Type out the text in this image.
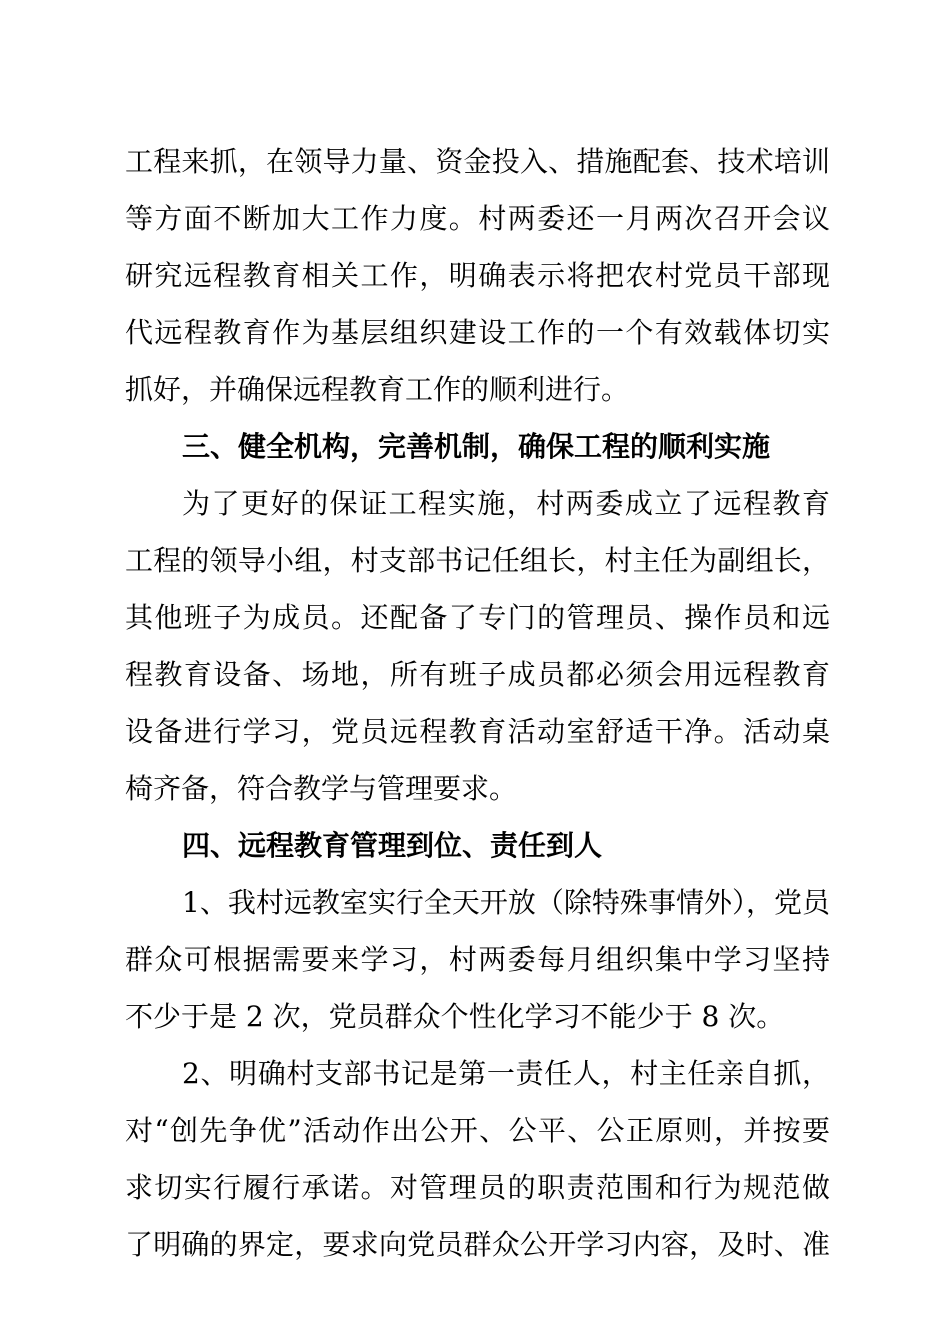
工程来抓，在领导力量、资金投入、措施配套、技术培训
等方面不断加大工作力度。村两委还一月两次召开会议
研究远程教育相关工作，明确表示将把农村党员干部现
代远程教育作为基层组织建设工作的一个有效载体切实
抓好，并确保远程教育工作的顺利进行。
三、健全机构，完善机制，确保工程的顺利实施
为了更好的保证工程实施，村两委成立了远程教育
工程的领导小组，村支部书记任组长，村主任为副组长，
其他班子为成员。还配备了专门的管理员、操作员和远
程教育设备、场地，所有班子成员都必须会用远程教育
设备进行学习，党员远程教育活动室舒适干净。活动桌
椅齐备，符合教学与管理要求。
四、远程教育管理到位、责任到人
1、我村远教室实行全天开放（除特殊事情外），党员
群众可根据需要来学习，村两委每月组织集中学习坚持
不少于是 2 次，党员群众个性化学习不能少于 8 次。
2、明确村支部书记是第一责任人，村主任亲自抓，
对“创先争优”活动作出公开、公平、公正原则，并按要
求切实行履行承诺。对管理员的职责范围和行为规范做
了明确的界定，要求向党员群众公开学习内容，及时、准
